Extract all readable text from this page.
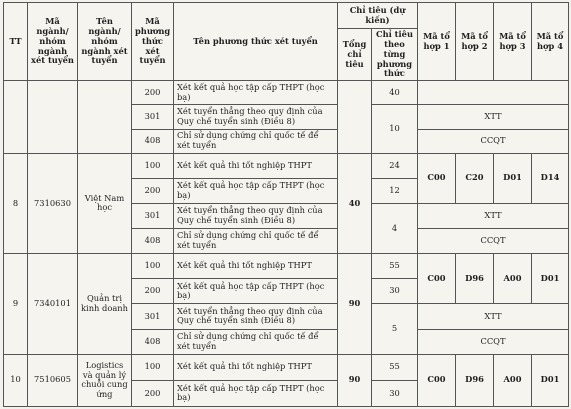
TT	Mã ngành/ nhóm ngành xét tuyển	Tên ngành/ nhóm ngành xét tuyển	Mã phương thức xét tuyển	Tên phương thức xét tuyển	Chỉ tiêu (dự kiến)		Mã tổ hợp 1	Mã tổ hợp 2	Mã tổ hợp 3	Mã tổ hợp 4
					Tổng chỉ tiêu	Chỉ tiêu theo từng phương thức				
			200	Xét kết quả học tập cấp THPT (học bạ)		40				
			301	Xét tuyển thẳng theo quy định của Quy chế tuyển sinh (Điều 8)		10	XTT			
			408	Chỉ sử dụng chứng chỉ quốc tế để xét tuyển			CCQT			
8	7310630	Việt Nam học	100	Xét kết quả thi tốt nghiệp THPT	40	24	C00	C20	D01	D14
			200	Xét kết quả học tập cấp THPT (học bạ)		12				
			301	Xét tuyển thẳng theo quy định của Quy chế tuyển sinh (Điều 8)		4	XTT			
			408	Chỉ sử dụng chứng chỉ quốc tế để xét tuyển			CCQT			
9	7340101	Quản trị kinh doanh	100	Xét kết quả thi tốt nghiệp THPT	90	55	C00	D96	A00	D01
			200	Xét kết quả học tập cấp THPT (học bạ)		30				
			301	Xét tuyển thẳng theo quy định của Quy chế tuyển sinh (Điều 8)		5	XTT			
			408	Chỉ sử dụng chứng chỉ quốc tế để xét tuyển			CCQT			
10	7510605	Logistics và quản lý chuỗi cung ứng	100	Xét kết quả thi tốt nghiệp THPT	90	55	C00	D96	A00	D01
			200	Xét kết quả học tập cấp THPT (học bạ)		30				
